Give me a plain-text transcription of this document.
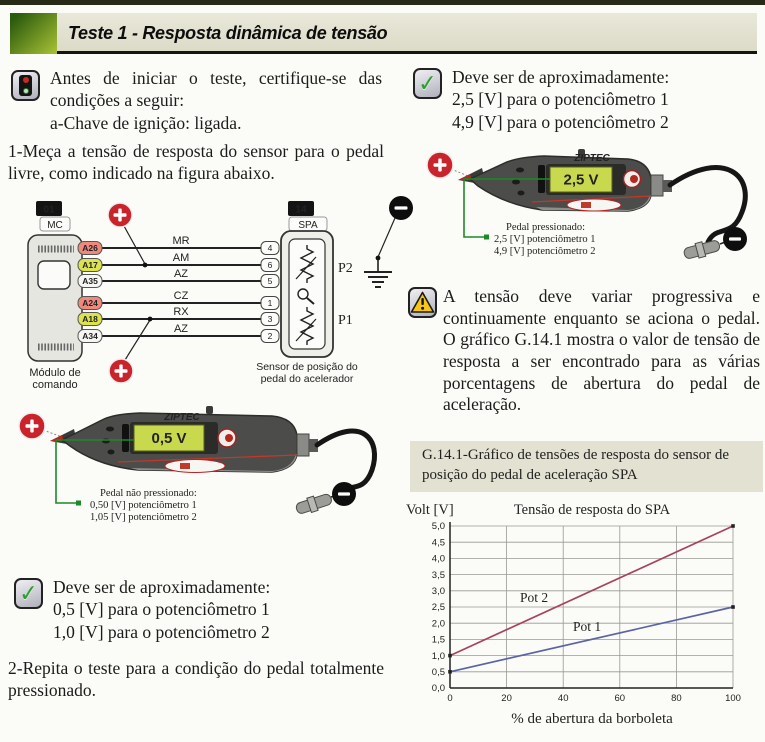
Teste 1 - Resposta dinâmica de tensão
Antes de iniciar o teste, certifique-se das condições a seguir:
a-Chave de ignição: ligada.
1-Meça a tensão de resposta do sensor para o pedal livre, como indicado na figura abaixo.
01
MC
Módulo de
comando
MR
AM
AZ
CZ
RX
AZ
A26
A17
A35
A24
A18
A34
4
6
5
1
3
2
14
SPA
P2
P1
Sensor de posição do
pedal do acelerador
0,5 V
ZIPTEC
Pedal não pressionado:
0,50 [V] potenciômetro 1
1,05 [V] potenciômetro 2
✓ Deve ser de aproximadamente:
0,5 [V] para o potenciômetro 1
1,0 [V] para o potenciômetro 2
2-Repita o teste para a condição do pedal totalmente pressionado.
✓ Deve ser de aproximadamente:
2,5 [V] para o potenciômetro 1
4,9 [V] para o potenciômetro 2
2,5 V
ZIPTEC
Pedal pressionado:
2,5 [V] potenciômetro 1
4,9 [V] potenciômetro 2
A tensão deve variar progressiva e continuamente enquanto se aciona o pedal. O gráfico G.14.1 mostra o valor de tensão de resposta a ser encontrado para as várias porcentagens de abertura do pedal de aceleração.
G.14.1-Gráfico de tensões de resposta do sensor de posição do pedal de aceleração SPA
Volt [V]	Tensão de resposta do SPA
0,0
0,5
1,0
1,5
2,0
2,5
3,0
3,5
4,0
4,5
5,0
0	20	40	60	80	100
Pot 2
Pot 1
% de abertura da borboleta
